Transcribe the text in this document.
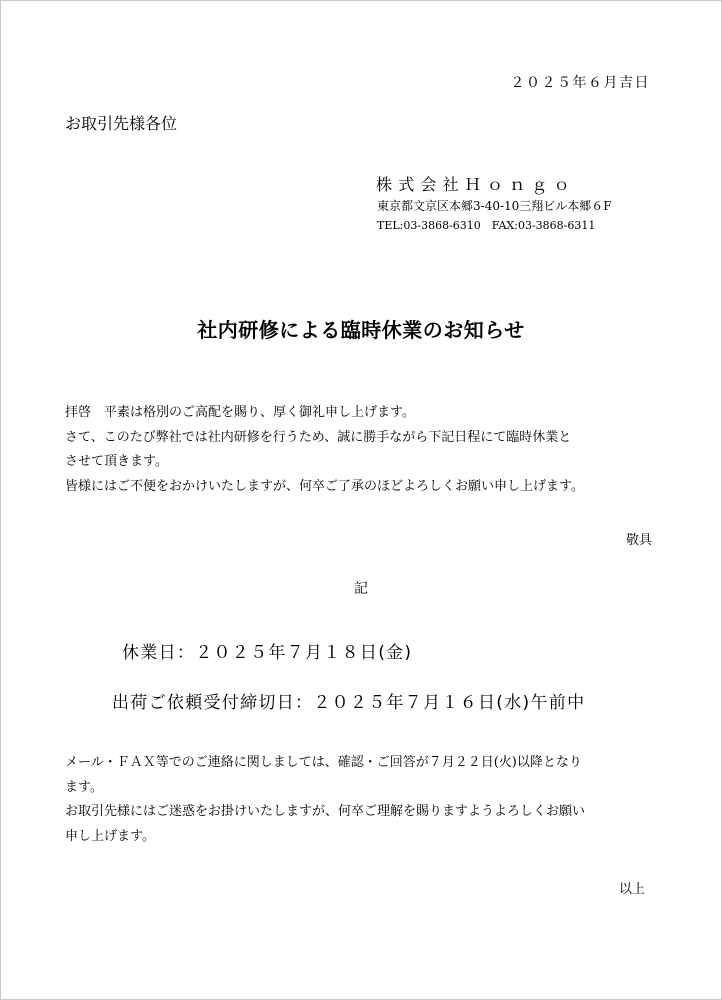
２０２５年６月吉日
お取引先様各位
株式会社Ｈｏｎｇｏ
東京都文京区本郷3-40-10三翔ビル本郷６F
TEL:03-3868-6310　FAX:03-3868-6311
社内研修による臨時休業のお知らせ

拝啓　平素は格別のご高配を賜り、厚く御礼申し上げます。

さて、このたび弊社では社内研修を行うため、誠に勝手ながら下記日程にて臨時休業と

させて頂きます。

皆様にはご不便をおかけいたしますが、何卒ご了承のほどよろしくお願い申し上げます。

敬具
記
休業日：２０２５年７月１８日(金)
出荷ご依頼受付締切日：２０２５年７月１６日(水)午前中

メール・ＦＡＸ等でのご連絡に関しましては、確認・ご回答が７月２２日(火)以降となり

ます。

お取引先様にはご迷惑をお掛けいたしますが、何卒ご理解を賜りますようよろしくお願い

申し上げます。

以上
